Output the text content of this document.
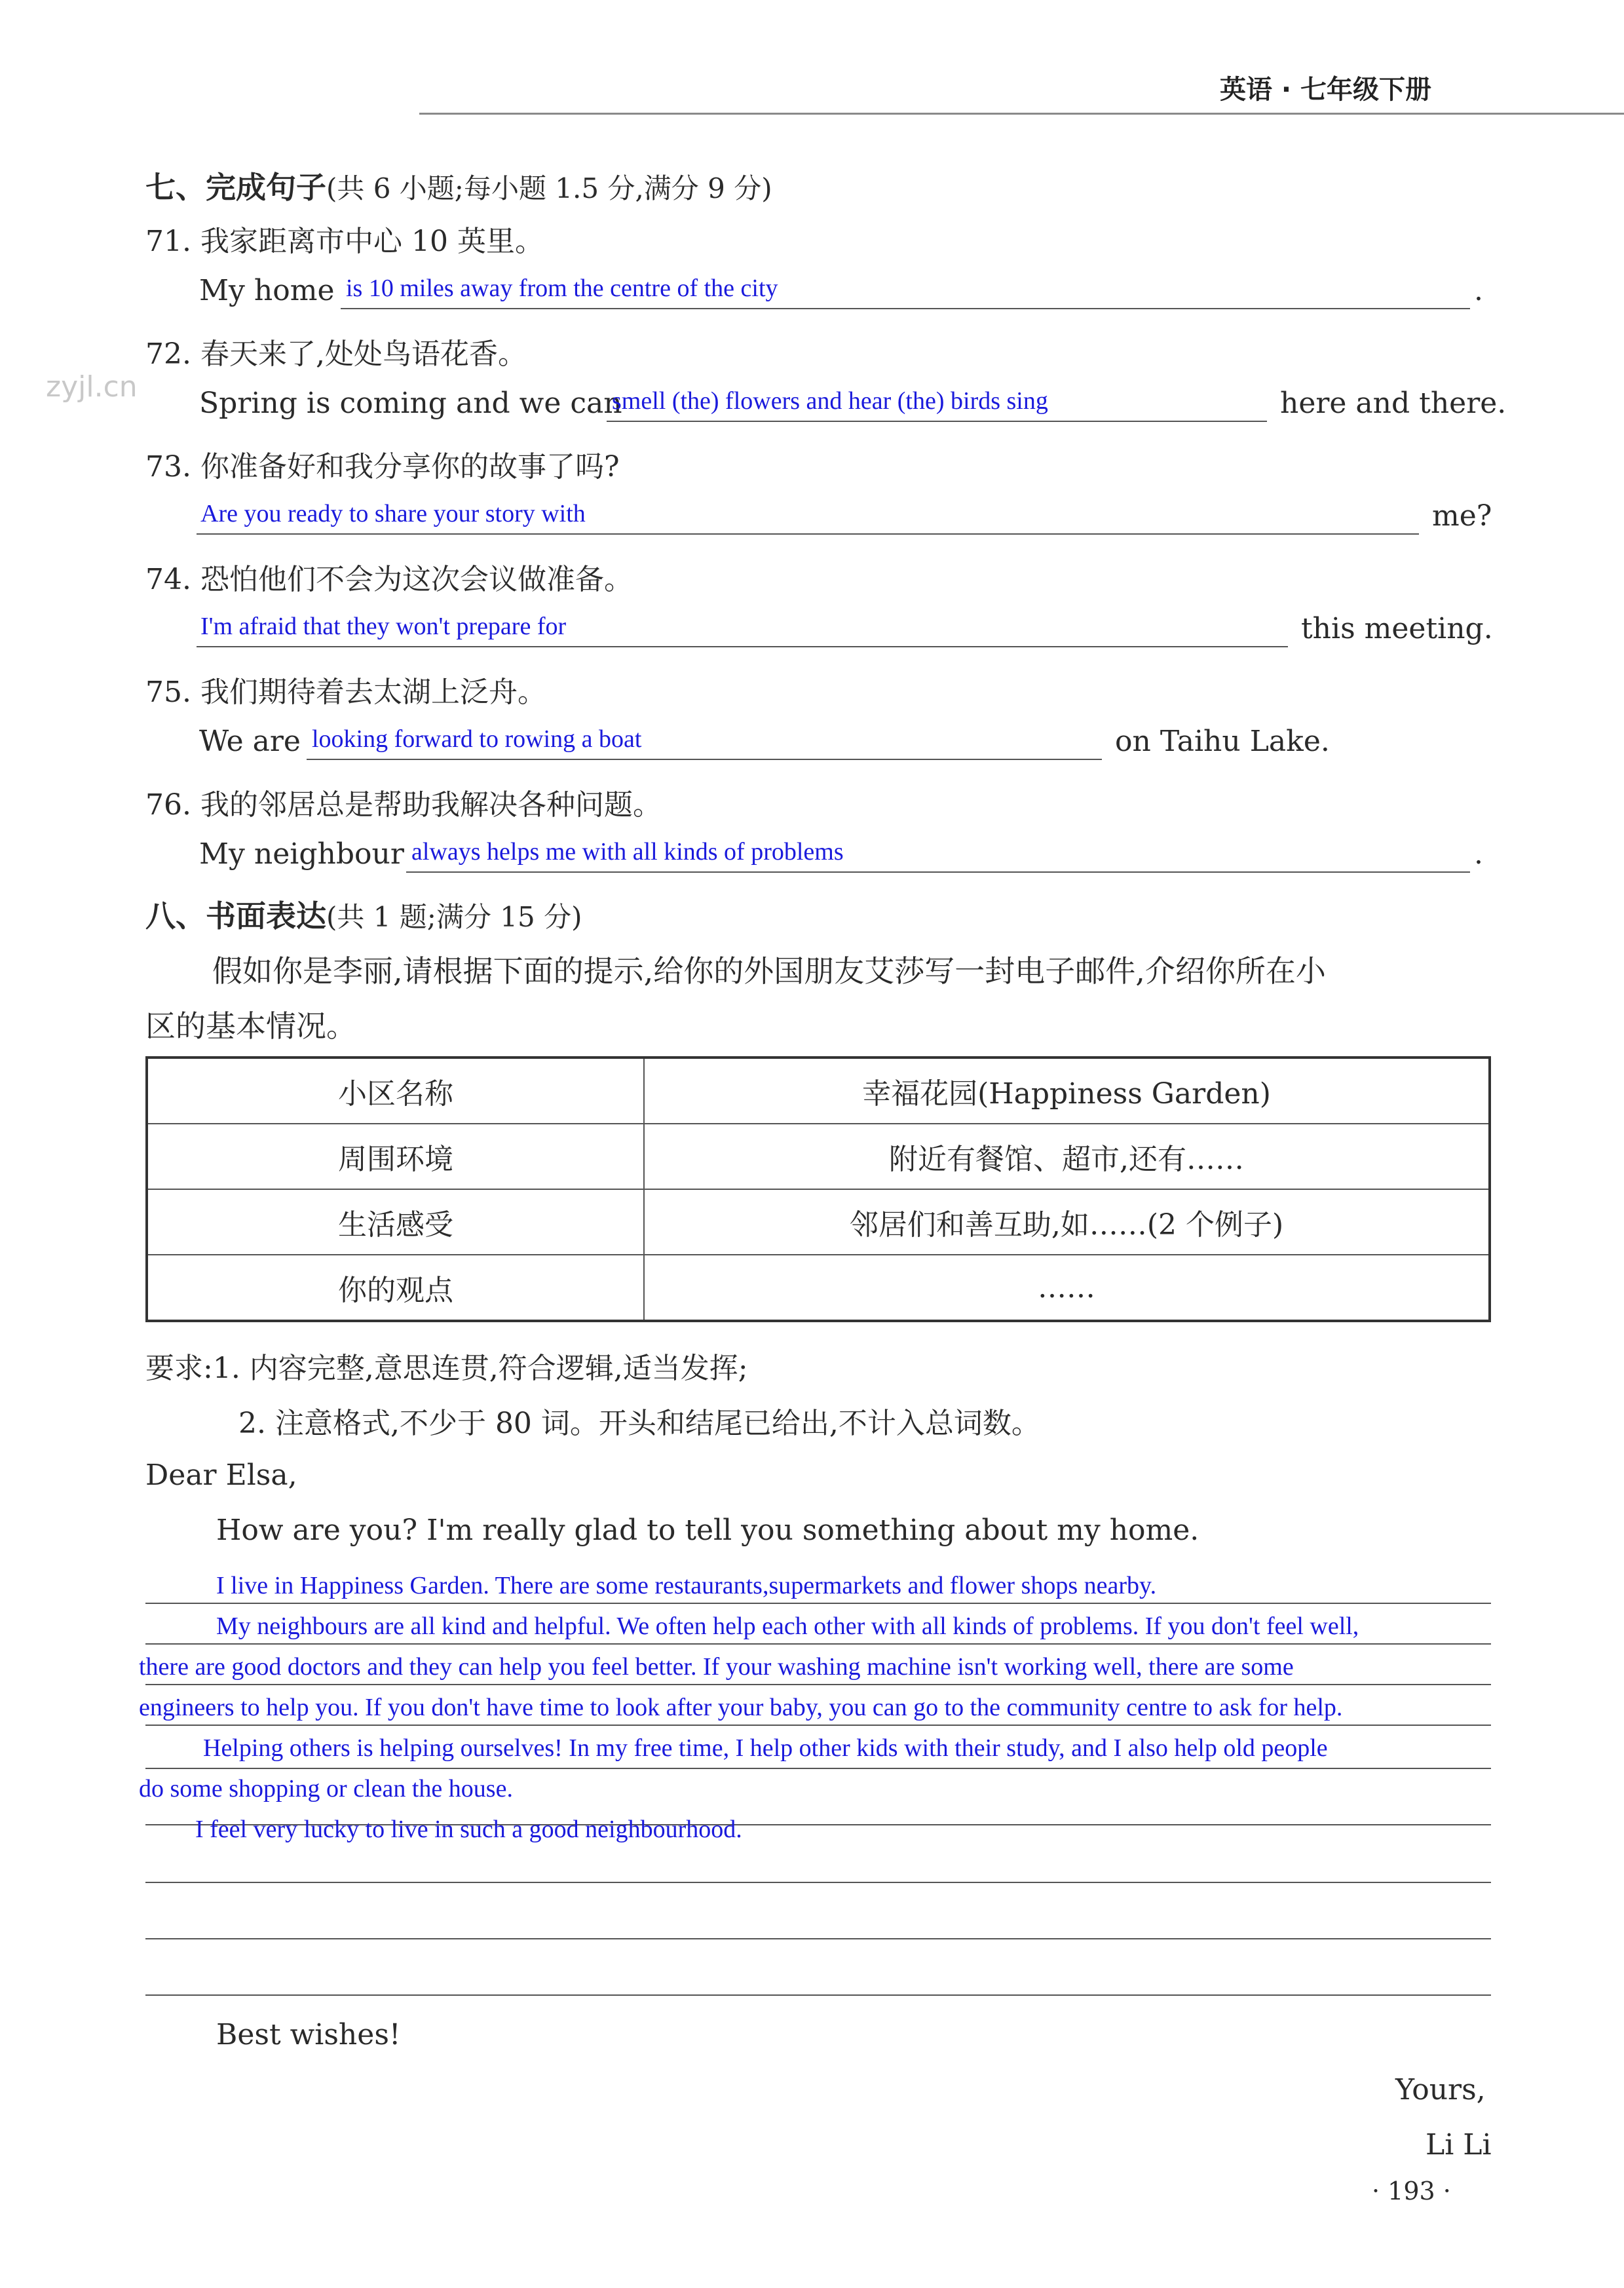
英语 · 七年级下册
zyjl.cn
七、完成句子(共 6 小题;每小题 1.5 分,满分 9 分)
71. 我家距离市中心 10 英里。
My home is 10 miles away from the centre of the city	.
72. 春天来了,处处鸟语花香。
Spring is coming and we can
smell (the) flowers and hear (the) birds sing	here and there.
73. 你准备好和我分享你的故事了吗?
Are you ready to share your story with	me?
74. 恐怕他们不会为这次会议做准备。
I'm afraid that they won't prepare for	this meeting.
75. 我们期待着去太湖上泛舟。
We are looking forward to rowing a boat	on Taihu Lake.
76. 我的邻居总是帮助我解决各种问题。
My neighbour always helps me with all kinds of problems	.
八、书面表达(共 1 题;满分 15 分)
假如你是李丽,请根据下面的提示,给你的外国朋友艾莎写一封电子邮件,介绍你所在小
区的基本情况。
小区名称	幸福花园(Happiness Garden)
周围环境	附近有餐馆、超市,还有……
生活感受	邻居们和善互助,如……(2 个例子)
你的观点	……
要求:1. 内容完整,意思连贯,符合逻辑,适当发挥;
2. 注意格式,不少于 80 词。开头和结尾已给出,不计入总词数。
Dear Elsa,
How are you? I'm really glad to tell you something about my home.
I live in Happiness Garden. There are some restaurants,supermarkets and flower shops nearby.
My neighbours are all kind and helpful. We often help each other with all kinds of problems. If you don't feel well,
there are good doctors and they can help you feel better. If your washing machine isn't working well, there are some
engineers to help you. If you don't have time to look after your baby, you can go to the community centre to ask for help.
Helping others is helping ourselves! In my free time, I help other kids with their study, and I also help old people
do some shopping or clean the house.
I feel very lucky to live in such a good neighbourhood.
Best wishes!
Yours,
Li Li
· 193 ·
